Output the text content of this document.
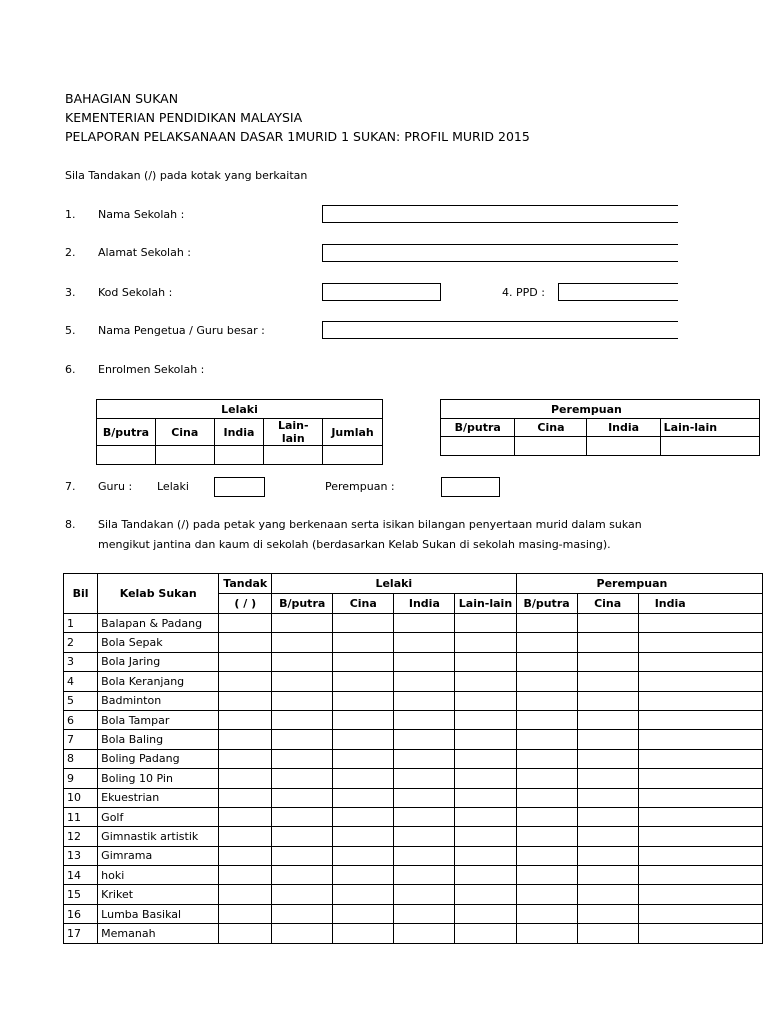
BAHAGIAN SUKAN
KEMENTERIAN PENDIDIKAN MALAYSIA
PELAPORAN PELAKSANAAN DASAR 1MURID 1 SUKAN: PROFIL MURID 2015
Sila Tandakan (/) pada kotak yang berkaitan
1. Nama Sekolah :
2. Alamat Sekolah :
3. Kod Sekolah :	4. PPD :
5. Nama Pengetua / Guru besar :
6. Enrolmen Sekolah :
Lelaki				
B/putra	Cina	India	Lain-lain	Jumlah

Perempuan			
B/putra	Cina	India	Lain-lain

7. Guru : Lelaki	Perempuan :
8. Sila Tandakan (/) pada petak yang berkenaan serta isikan bilangan penyertaan murid dalam sukan
mengikut jantina dan kaum di sekolah (berdasarkan Kelab Sukan di sekolah masing-masing).
Bil	Kelab Sukan	Tandak	Lelaki				Perempuan		
		( / )	B/putra	Cina	India	Lain-lain	B/putra	Cina	India
1	Balapan & Padang								
2	Bola Sepak								
3	Bola Jaring								
4	Bola Keranjang								
5	Badminton								
6	Bola Tampar								
7	Bola Baling								
8	Boling Padang								
9	Boling 10 Pin								
10	Ekuestrian								
11	Golf								
12	Gimnastik artistik								
13	Gimrama								
14	hoki								
15	Kriket								
16	Lumba Basikal								
17	Memanah								
